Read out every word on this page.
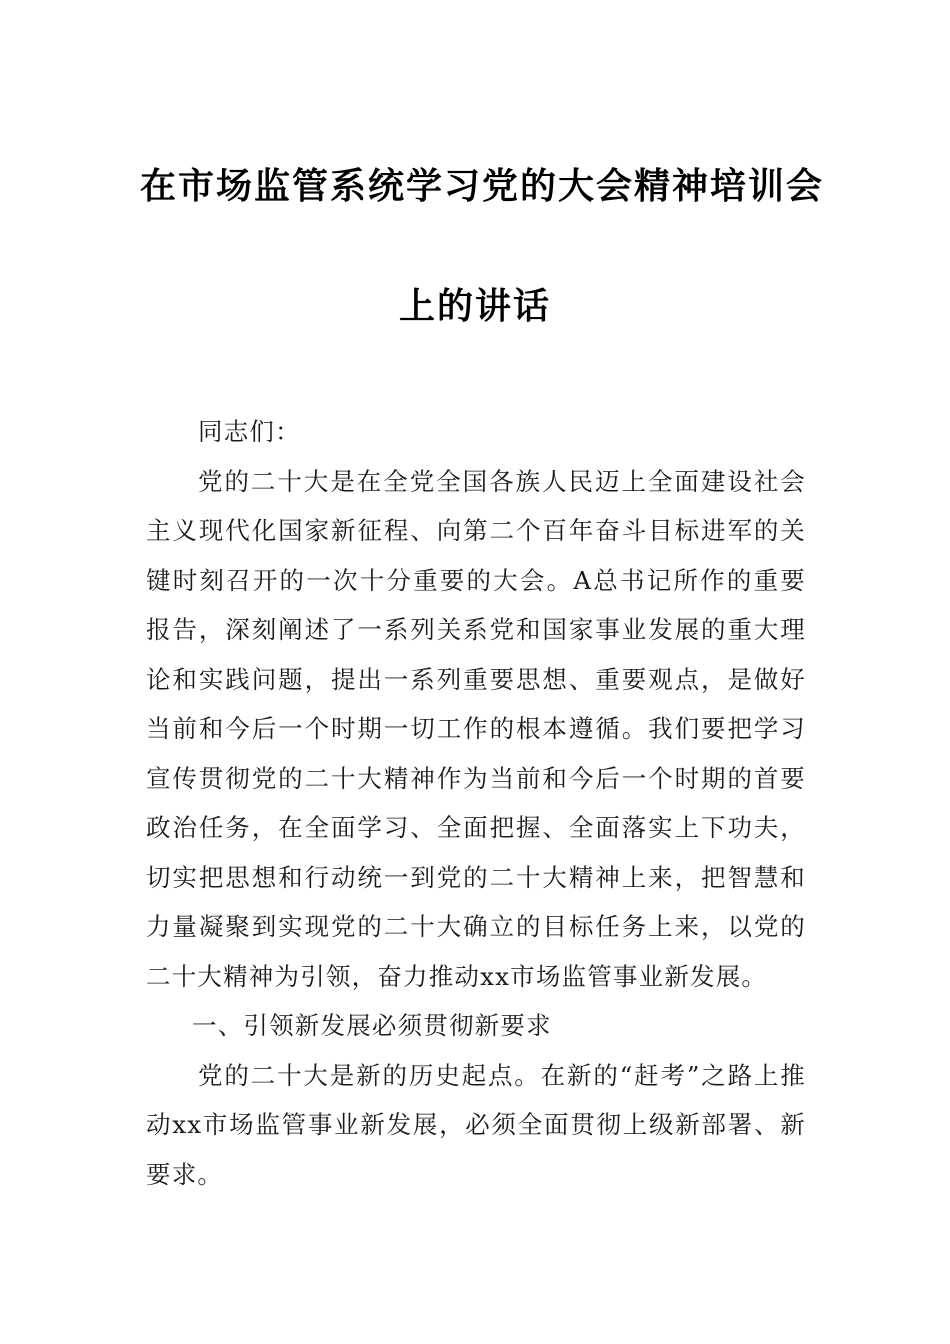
在市场监管系统学习党的大会精神培训会
上的讲话

同志们：

党的二十大是在全党全国各族人民迈上全面建设社会主义现代化国家新征程、向第二个百年奋斗目标进军的关键时刻召开的一次十分重要的大会。A总书记所作的重要报告，深刻阐述了一系列关系党和国家事业发展的重大理论和实践问题，提出一系列重要思想、重要观点，是做好当前和今后一个时期一切工作的根本遵循。我们要把学习宣传贯彻党的二十大精神作为当前和今后一个时期的首要政治任务，在全面学习、全面把握、全面落实上下功夫，切实把思想和行动统一到党的二十大精神上来，把智慧和力量凝聚到实现党的二十大确立的目标任务上来，以党的二十大精神为引领，奋力推动xx市场监管事业新发展。

一、引领新发展必须贯彻新要求

党的二十大是新的历史起点。在新的“赶考”之路上推动xx市场监管事业新发展，必须全面贯彻上级新部署、新要求。
